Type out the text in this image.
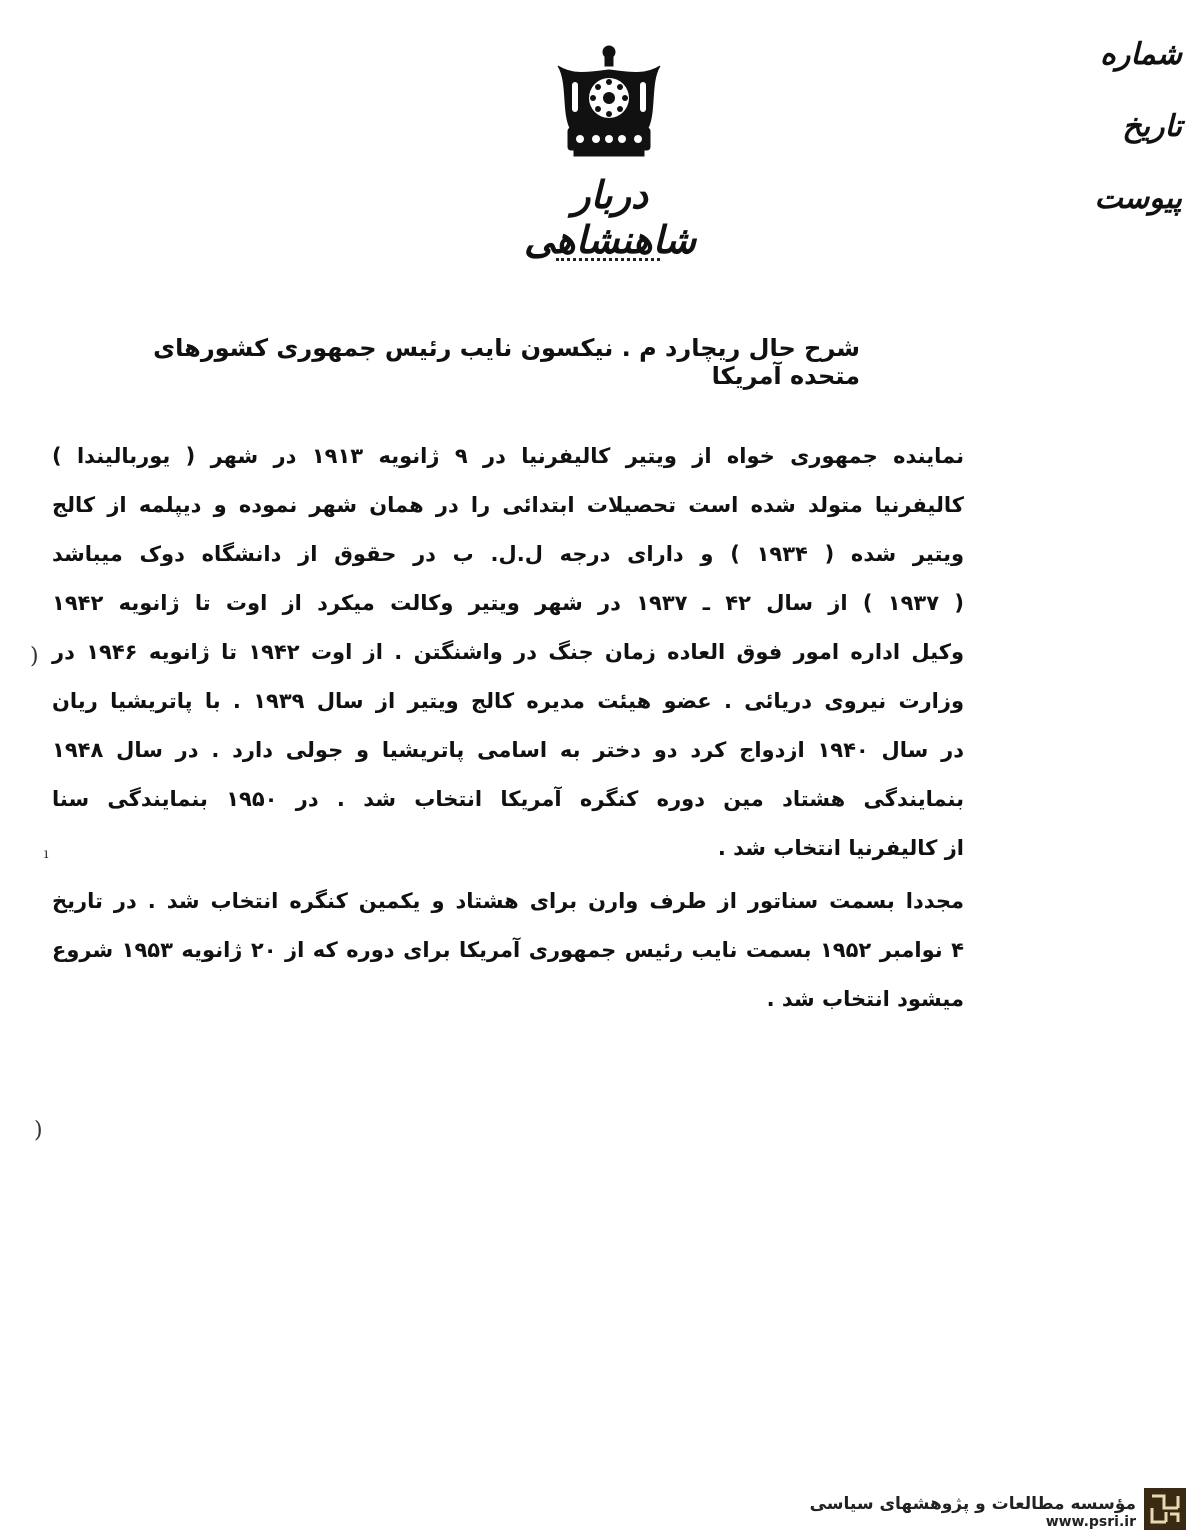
دربار شاهنشاهی
شماره
تاریخ
پیوست
شرح حال ریچارد م . نیکسون نایب رئیس جمهوری کشورهای متحده آمریکا
نماینده جمهوری خواه از ویتیر کالیفرنیا در ۹ ژانویه ۱۹۱۳ در شهر ( یوربالیندا )
کالیفرنیا متولد شده است تحصیلات ابتدائی را در همان شهر نموده و دیپلمه از کالج
ویتیر شده ( ۱۹۳۴ ) و دارای درجه ل.ل. ب در حقوق از دانشگاه دوک میباشد
( ۱۹۳۷ ) از سال ۴۲ ـ ۱۹۳۷ در شهر ویتیر وکالت میکرد از اوت تا ژانویه ۱۹۴۲
وکیل اداره امور فوق العاده زمان جنگ در واشنگتن . از اوت ۱۹۴۲ تا ژانویه ۱۹۴۶ در
وزارت نیروی دریائی . عضو هیئت مدیره کالج ویتیر از سال ۱۹۳۹ . با پاتریشیا ریان
در سال ۱۹۴۰ ازدواج کرد دو دختر به اسامی پاتریشیا و جولی دارد . در سال ۱۹۴۸
بنمایندگی هشتاد مین دوره کنگره آمریکا انتخاب شد . در ۱۹۵۰ بنمایندگی سنا
از کالیفرنیا انتخاب شد .
مجددا بسمت سناتور از طرف وارن برای هشتاد و یکمین کنگره انتخاب شد . در تاریخ
۴ نوامبر ۱۹۵۲ بسمت نایب رئیس جمهوری آمریکا برای دوره که از ۲۰ ژانویه ۱۹۵۳ شروع
میشود انتخاب شد .
)
)
ı
مؤسسه مطالعات و پژوهشهای سیاسی
www.psri.ir
